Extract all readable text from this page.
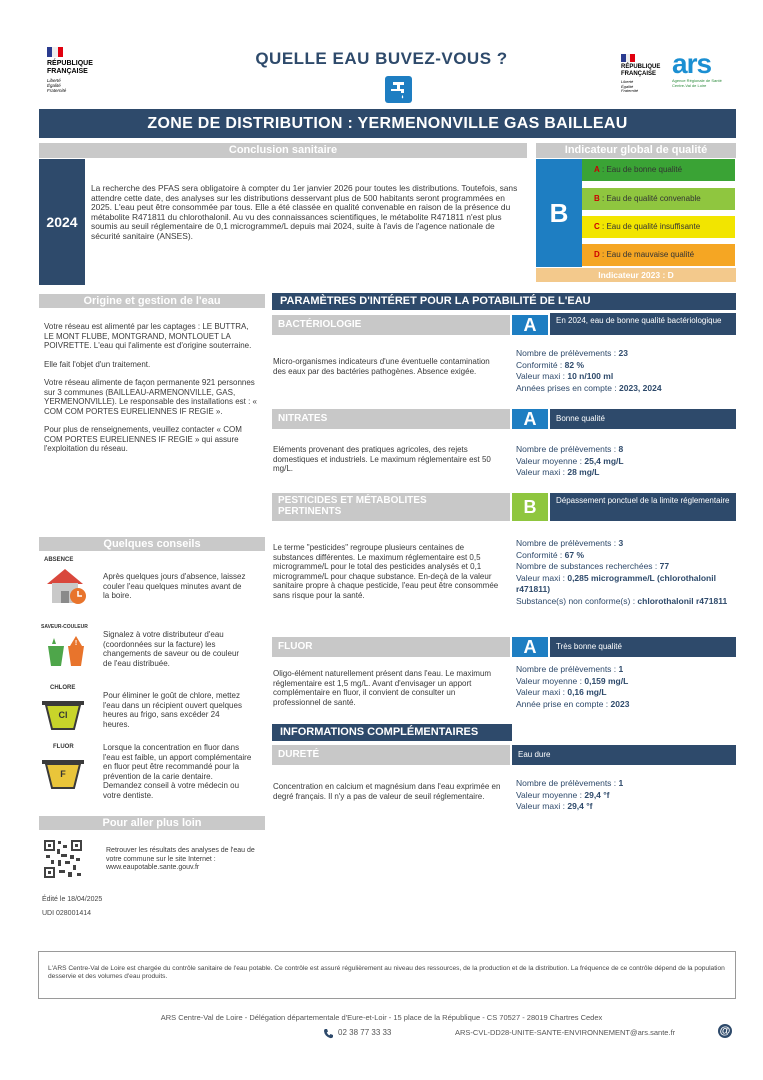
RÉPUBLIQUE
FRANÇAISE
Liberté
Égalité
Fraternité
QUELLE EAU BUVEZ-VOUS ?	RÉPUBLIQUE
FRANÇAISE
Liberté
Égalité
Fraternité
ars
Agence Régionale de Santé Centre-Val de Loire
ZONE DE DISTRIBUTION : YERMENONVILLE GAS BAILLEAU
Conclusion sanitaire
2024
La recherche des PFAS sera obligatoire à compter du 1er janvier 2026 pour toutes les distributions. Toutefois, sans attendre cette date, des analyses sur les distributions desservant plus de 500 habitants seront programmées en 2025. L'eau peut être consommée par tous. Elle a été classée en qualité convenable en raison de la présence du métabolite R471811 du chlorothalonil. Au vu des connaissances scientifiques, le métabolite R471811 n'est plus soumis au seuil réglementaire de 0,1 microgramme/L depuis mai 2024, suite à l'avis de l'agence nationale de sécurité sanitaire (ANSES).
Indicateur global de qualité
B
A : Eau de bonne qualité
B : Eau de qualité convenable
C : Eau de qualité insuffisante
D : Eau de mauvaise qualité
Indicateur 2023 : D
Origine et gestion de l'eau

Votre réseau est alimenté par les captages : LE BUTTRA, LE MONT FLUBE, MONTGRAND, MONTLOUET LA POIVRETTE. L'eau qui l'alimente est d'origine souterraine.

Elle fait l'objet d'un traitement.

Votre réseau alimente de façon permanente 921 personnes sur 3 communes (BAILLEAU-ARMENONVILLE, GAS, YERMENONVILLE). Le responsable des installations est : « COM COM PORTES EURELIENNES IF REGIE ».

Pour plus de renseignements, veuillez contacter « COM COM PORTES EURELIENNES IF REGIE » qui assure l'exploitation du réseau.

Quelques conseils
ABSENCE
Après quelques jours d'absence, laissez couler l'eau quelques minutes avant de la boire.
SAVEUR-COULEUR
!
Signalez à votre distributeur d'eau (coordonnées sur la facture) les changements de saveur ou de couleur de l'eau distribuée.
CHLORE
Cl
Pour éliminer le goût de chlore, mettez l'eau dans un récipient ouvert quelques heures au frigo, sans excéder 24 heures.
FLUOR
F
Lorsque la concentration en fluor dans l'eau est faible, un apport complémentaire en fluor peut être recommandé pour la prévention de la carie dentaire. Demandez conseil à votre médecin ou votre dentiste.
Pour aller plus loin
Retrouver les résultats des analyses de l'eau de votre commune sur le site Internet : www.eaupotable.sante.gouv.fr
Édité le 18/04/2025
UDI 028001414
PARAMÈTRES D'INTÉRET POUR LA POTABILITÉ DE L'EAU
BACTÉRIOLOGIE	A	En 2024, eau de bonne qualité bactériologique
Micro-organismes indicateurs d'une éventuelle contamination des eaux par des bactéries pathogènes. Absence exigée.
Nombre de prélèvements : 23
Conformité : 82 %
Valeur maxi : 10 n/100 ml
Années prises en compte : 2023, 2024
NITRATES	A	Bonne qualité
Eléments provenant des pratiques agricoles, des rejets domestiques et industriels. Le maximum réglementaire est 50 mg/L.
Nombre de prélèvements : 8
Valeur moyenne : 25,4 mg/L
Valeur maxi : 28 mg/L
PESTICIDES ET MÉTABOLITES PERTINENTS	B	Dépassement ponctuel de la limite réglementaire
Le terme "pesticides" regroupe plusieurs centaines de substances différentes. Le maximum réglementaire est 0,5 microgramme/L pour le total des pesticides analysés et 0,1 microgramme/L pour chaque substance. En-deçà de la valeur sanitaire propre à chaque pesticide, l'eau peut être consommée sans risque pour la santé.
Nombre de prélèvements : 3
Conformité : 67 %
Nombre de substances recherchées : 77
Valeur maxi : 0,285 microgramme/L (chlorothalonil r471811)
Substance(s) non conforme(s) : chlorothalonil r471811
FLUOR	A	Très bonne qualité
Oligo-élément naturellement présent dans l'eau. Le maximum réglementaire est 1,5 mg/L. Avant d'envisager un apport complémentaire en fluor, il convient de consulter un professionnel de santé.
Nombre de prélèvements : 1
Valeur moyenne : 0,159 mg/L
Valeur maxi : 0,16 mg/L
Année prise en compte : 2023
INFORMATIONS COMPLÉMENTAIRES
DURETÉ	Eau dure
Concentration en calcium et magnésium dans l'eau exprimée en degré français. Il n'y a pas de valeur de seuil réglementaire.
Nombre de prélèvements : 1
Valeur moyenne : 29,4 °f
Valeur maxi : 29,4 °f
L'ARS Centre-Val de Loire est chargée du contrôle sanitaire de l'eau potable. Ce contrôle est assuré régulièrement au niveau des ressources, de la production et de la distribution. La fréquence de ce contrôle dépend de la population desservie et des volumes d'eau produits.
ARS Centre-Val de Loire - Délégation départementale d'Eure-et-Loir - 15 place de la République - CS 70527 - 28019 Chartres Cedex
02 38 77 33 33	ARS-CVL-DD28-UNITE-SANTE-ENVIRONNEMENT@ars.sante.fr	@
